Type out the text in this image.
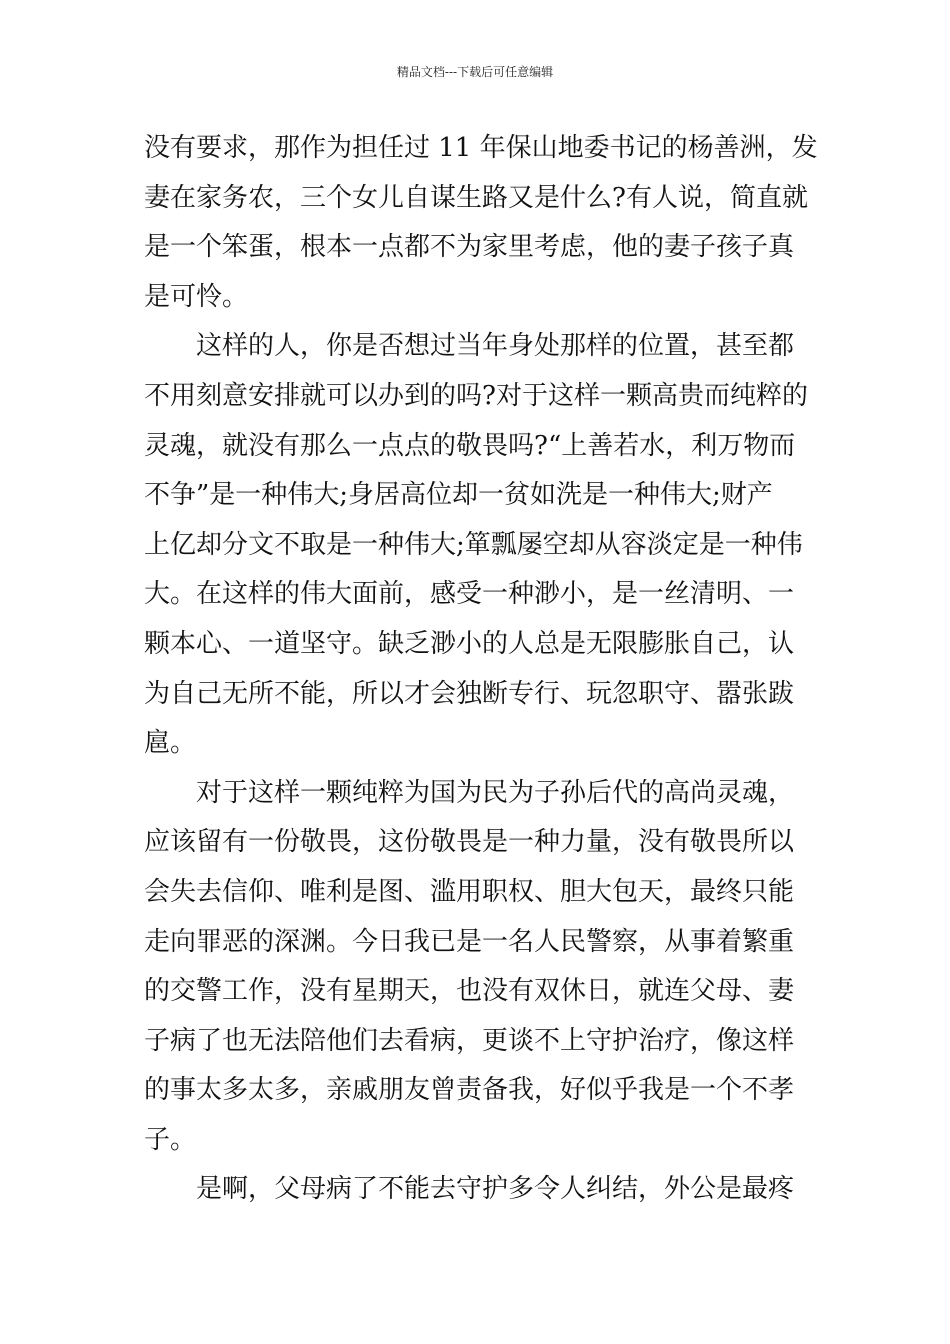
精品文档---下载后可任意编辑
没有要求，那作为担任过 11 年保山地委书记的杨善洲，发
妻在家务农，三个女儿自谋生路又是什么?有人说，简直就
是一个笨蛋，根本一点都不为家里考虑，他的妻子孩子真
是可怜。
　　这样的人，你是否想过当年身处那样的位置，甚至都
不用刻意安排就可以办到的吗?对于这样一颗高贵而纯粹的
灵魂，就没有那么一点点的敬畏吗?“上善若水，利万物而
不争”是一种伟大;身居高位却一贫如洗是一种伟大;财产
上亿却分文不取是一种伟大;箪瓢屡空却从容淡定是一种伟
大。在这样的伟大面前，感受一种渺小，是一丝清明、一
颗本心、一道坚守。缺乏渺小的人总是无限膨胀自己，认
为自己无所不能，所以才会独断专行、玩忽职守、嚣张跋
扈。
　　对于这样一颗纯粹为国为民为子孙后代的高尚灵魂，
应该留有一份敬畏，这份敬畏是一种力量，没有敬畏所以
会失去信仰、唯利是图、滥用职权、胆大包天，最终只能
走向罪恶的深渊。今日我已是一名人民警察，从事着繁重
的交警工作，没有星期天，也没有双休日，就连父母、妻
子病了也无法陪他们去看病，更谈不上守护治疗，像这样
的事太多太多，亲戚朋友曾责备我，好似乎我是一个不孝
子。
　　是啊，父母病了不能去守护多令人纠结，外公是最疼
